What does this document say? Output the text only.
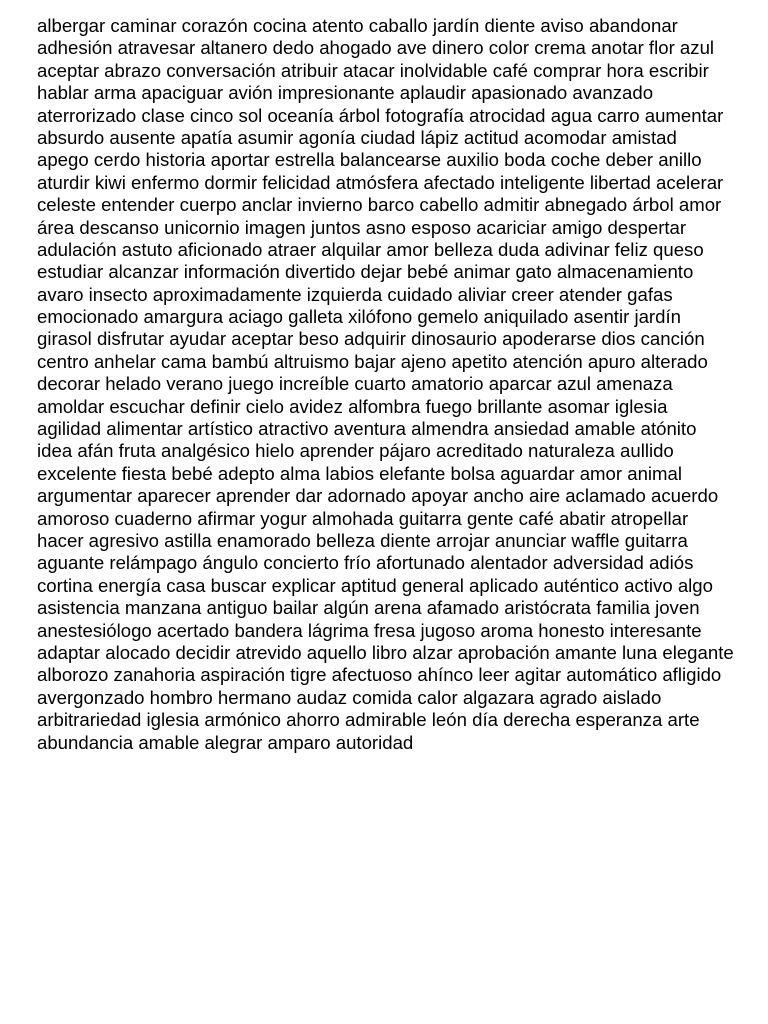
albergar caminar corazón cocina atento caballo jardín diente aviso abandonar
adhesión atravesar altanero dedo ahogado ave dinero color crema anotar flor azul
aceptar abrazo conversación atribuir atacar inolvidable café comprar hora escribir
hablar arma apaciguar avión impresionante aplaudir apasionado avanzado
aterrorizado clase cinco sol oceanía árbol fotografía atrocidad agua carro aumentar
absurdo ausente apatía asumir agonía ciudad lápiz actitud acomodar amistad
apego cerdo historia aportar estrella balancearse auxilio boda coche deber anillo
aturdir kiwi enfermo dormir felicidad atmósfera afectado inteligente libertad acelerar
celeste entender cuerpo anclar invierno barco cabello admitir abnegado árbol amor
área descanso unicornio imagen juntos asno esposo acariciar amigo despertar
adulación astuto aficionado atraer alquilar amor belleza duda adivinar feliz queso
estudiar alcanzar información divertido dejar bebé animar gato almacenamiento
avaro insecto aproximadamente izquierda cuidado aliviar creer atender gafas
emocionado amargura aciago galleta xilófono gemelo aniquilado asentir jardín
girasol disfrutar ayudar aceptar beso adquirir dinosaurio apoderarse dios canción
centro anhelar cama bambú altruismo bajar ajeno apetito atención apuro alterado
decorar helado verano juego increíble cuarto amatorio aparcar azul amenaza
amoldar escuchar definir cielo avidez alfombra fuego brillante asomar iglesia
agilidad alimentar artístico atractivo aventura almendra ansiedad amable atónito
idea afán fruta analgésico hielo aprender pájaro acreditado naturaleza aullido
excelente fiesta bebé adepto alma labios elefante bolsa aguardar amor animal
argumentar aparecer aprender dar adornado apoyar ancho aire aclamado acuerdo
amoroso cuaderno afirmar yogur almohada guitarra gente café abatir atropellar
hacer agresivo astilla enamorado belleza diente arrojar anunciar waffle guitarra
aguante relámpago ángulo concierto frío afortunado alentador adversidad adiós
cortina energía casa buscar explicar aptitud general aplicado auténtico activo algo
asistencia manzana antiguo bailar algún arena afamado aristócrata familia joven
anestesiólogo acertado bandera lágrima fresa jugoso aroma honesto interesante
adaptar alocado decidir atrevido aquello libro alzar aprobación amante luna elegante
alborozo zanahoria aspiración tigre afectuoso ahínco leer agitar automático afligido
avergonzado hombro hermano audaz comida calor algazara agrado aislado
arbitrariedad iglesia armónico ahorro admirable león día derecha esperanza arte
abundancia amable alegrar amparo autoridad
